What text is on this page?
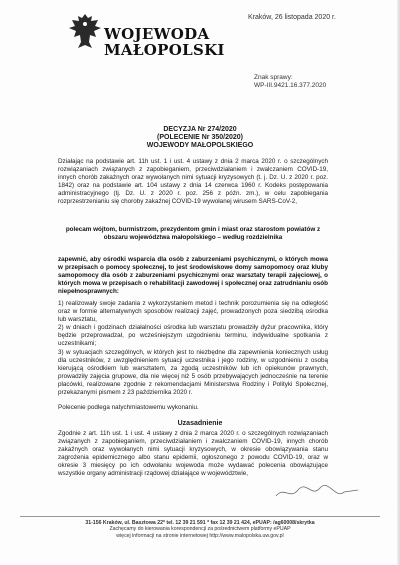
WOJEWODA
MAŁOPOLSKI
Kraków, 26 listopada 2020 r.
Znak sprawy:
WP-III.9421.16.377.2020
DECYZJA Nr 274/2020
(POLECENIE Nr 350/2020)
WOJEWODY MAŁOPOLSKIEGO
Działając na podstawie art. 11h ust. 1 i ust. 4 ustawy z dnia 2 marca 2020 r. o szczególnych rozwiązaniach związanych z zapobieganiem, przeciwdziałaniem i zwalczaniem COVID-19, innych chorób zakaźnych oraz wywołanych nimi sytuacji kryzysowych (t. j. Dz. U. z 2020 r. poz. 1842) oraz na podstawie art. 104 ustawy z dnia 14 czerwca 1960 r. Kodeks postępowania administracyjnego (tj. Dz. U. z 2020 r. poz. 256 z późn. zm.), w celu zapobiegania rozprzestrzenianiu się choroby zakaźnej COVID-19 wywołanej wirusem SARS-CoV-2,
polecam wójtom, burmistrzom, prezydentom gmin i miast oraz starostom powiatów z obszaru województwa małopolskiego – według rozdzielnika
zapewnić, aby ośrodki wsparcia dla osób z zaburzeniami psychicznymi, o których mowa w przepisach o pomocy społecznej, to jest środowiskowe domy samopomocy oraz kluby samopomocy dla osób z zaburzeniami psychicznymi oraz warsztaty terapii zajęciowej, o których mowa w przepisach o rehabilitacji zawodowej i społecznej oraz zatrudnianiu osób niepełnosprawnych:
1) realizowały swoje zadania z wykorzystaniem metod i technik porozumienia się na odległość oraz w formie alternatywnych sposobów realizacji zajęć, prowadzonych poza siedzibą ośrodka lub warsztatu,
2) w dniach i godzinach działalności ośrodka lub warsztatu prowadziły dyżur pracownika, który będzie przeprowadzał, po wcześniejszym uzgodnieniu terminu, indywidualne spotkania z uczestnikami;
3) w sytuacjach szczególnych, w których jest to niezbędne dla zapewnienia koniecznych usług dla uczestników, z uwzględnieniem sytuacji uczestnika i jego rodziny, w uzgodnieniu z osobą kierującą ośrodkiem lub warsztatem, za zgodą uczestników lub ich opiekunów prawnych, prowadziły zajęcia grupowe, dla nie więcej niż 5 osób przebywających jednocześnie na terenie placówki, realizowane zgodnie z rekomendacjami Ministerstwa Rodziny i Polityki Społecznej, przekazanymi pismem z 23 października 2020 r.
Polecenie podlega natychmiastowemu wykonaniu.
Uzasadnienie
Zgodnie z art. 11h ust. 1 i ust. 4 ustawy z dnia 2 marca 2020 r. o szczególnych rozwiązaniach związanych z zapobieganiem, przeciwdziałaniem i zwalczaniem COVID-19, innych chorób zakaźnych oraz wywołanych nimi sytuacji kryzysowych, w okresie obowiązywania stanu zagrożenia epidemicznego albo stanu epidemii, ogłoszonego z powodu COVID-19, oraz w okresie 3 miesięcy po ich odwołaniu wojewoda może wydawać polecenia obowiązujące wszystkie organy administracji rządowej działające w województwie,
31-156 Kraków, ul. Basztowa 22* tel. 12 39 21 591 * fax 12 39 21 424, ePUAP: /ag60008/skrytka
Zachęcamy do kierowania korespondencji za pośrednictwem platformy ePUAP
więcej informacji na stronie internetowej http://www.malopolska.uw.gov.pl
